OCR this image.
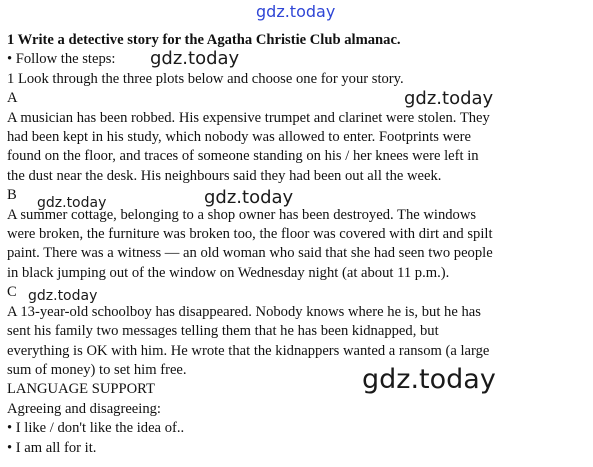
gdz.today
gdz.today
gdz.today
gdz.today	gdz.today
gdz.today
gdz.today
1 Write a detective story for the Agatha Christie Club almanac.
• Follow the steps:
1 Look through the three plots below and choose one for your story.
A
A musician has been robbed. His expensive trumpet and clarinet were stolen. They
had been kept in his study, which nobody was allowed to enter. Footprints were
found on the floor, and traces of someone standing on his / her knees were left in
the dust near the desk. His neighbours said they had been out all the week.
B
A summer cottage, belonging to a shop owner has been destroyed. The windows
were broken, the furniture was broken too, the floor was covered with dirt and spilt
paint. There was a witness — an old woman who said that she had seen two people
in black jumping out of the window on Wednesday night (at about 11 p.m.).
C
A 13-year-old schoolboy has disappeared. Nobody knows where he is, but he has
sent his family two messages telling them that he has been kidnapped, but
everything is OK with him. He wrote that the kidnappers wanted a ransom (a large
sum of money) to set him free.
LANGUAGE SUPPORT
Agreeing and disagreeing:
• I like / don't like the idea of..
• I am all for it.
